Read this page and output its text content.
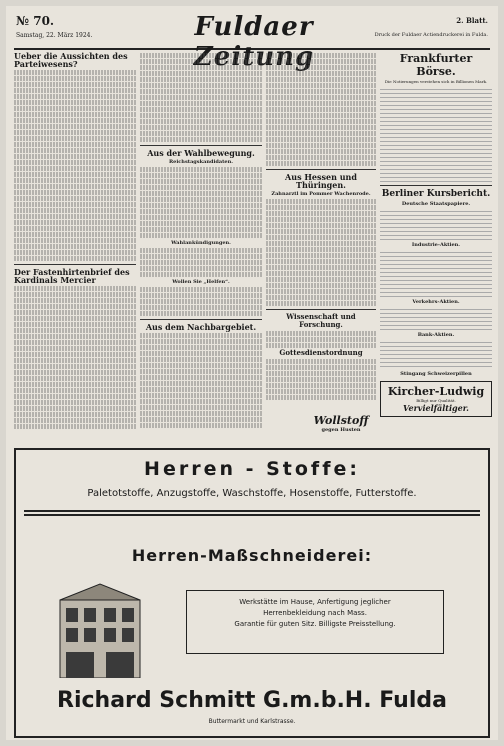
№ 70.
Samstag, 22. März 1924.	Fuldaer Zeitung
2. Blatt.
Druck der Fuldaer Actiendruckerei in Fulda.
Ueber die Aussichten des Parteiwesens?
Der Fastenhirtenbrief des Kardinals Mercier
Aus der Wahlbewegung.
Reichstagskandidaten.
Wahlankündigungen.
Wollen Sie „Helfen“.
Aus dem Nachbargebiet.
Aus Hessen und Thüringen.
Zahnarztl im Pommer Wachenrode.
Wissenschaft und Forschung.
Gottesdienstordnung
Wollstoff
gegen Husten
Frankfurter Börse.
Die Notierungen verstehen sich in Billionen Mark.

Berliner Kursbericht.
Deutsche Staatspapiere.

Industrie-Aktien.

Verkehrs-Aktien.

Bank-Aktien.

Stingang Schweizerpillen
Kircher-Ludwig
Billigt nur Qualität.
Vervielfältiger.
Herren - Stoffe:
Paletotstoffe, Anzugstoffe, Waschstoffe, Hosenstoffe, Futterstoffe.
Herren-Maßschneiderei:
Werkstätte im Hause, Anfertigung jeglicher
Herrenbekleidung nach Mass.
Garantie für guten Sitz. Billigste Preisstellung.
Richard Schmitt G.m.b.H. Fulda
Buttermarkt und Karlstrasse.
